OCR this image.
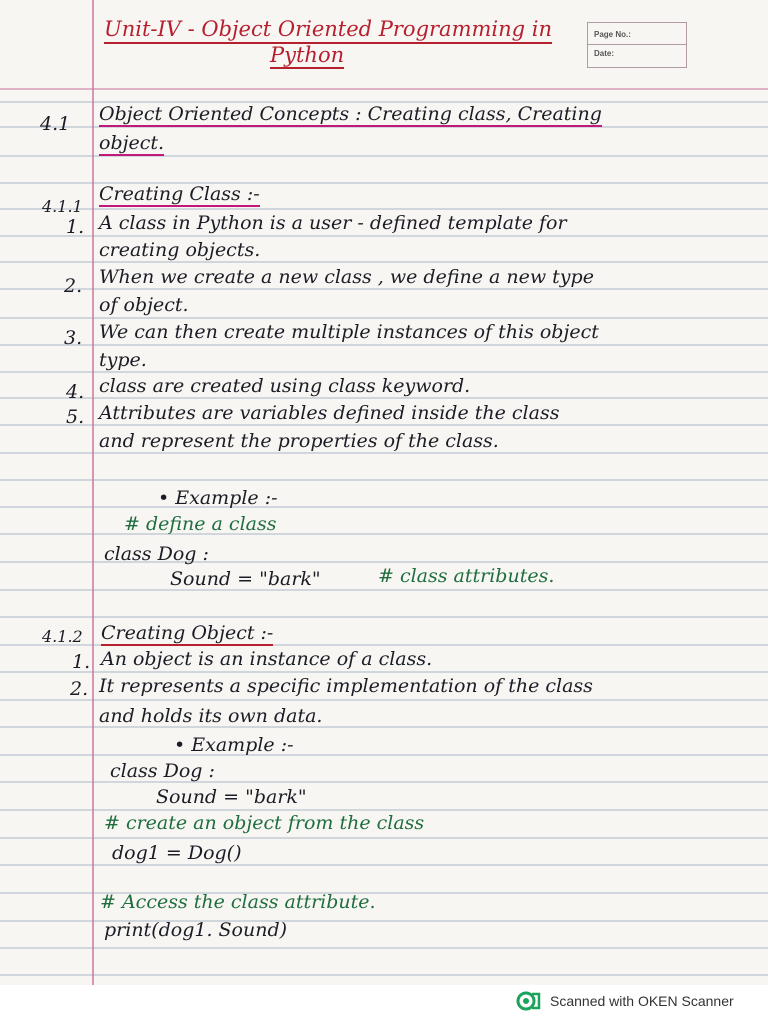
Unit-IV - Object Oriented Programming in
Python
Page No.:
Date:
4.1 Object Oriented Concepts : Creating class, Creating
object.
4.1.1
Creating Class :-
1. A class in Python is a user - defined template for
creating objects.
2. When we create a new class , we define a new type
of object.
3. We can then create multiple instances of this object
type.
4. class are created using class keyword.
5. Attributes are variables defined inside the class
and represent the properties of the class.
• Example :-
# define a class
class Dog :
Sound = "bark"	# class attributes.
4.1.2 Creating Object :-
1. An object is an instance of a class.
2. It represents a specific implementation of the class
and holds its own data.
• Example :-
class Dog :
Sound = "bark"
# create an object from the class
dog1 = Dog()
# Access the class attribute.
print(dog1. Sound)
Scanned with OKEN Scanner
